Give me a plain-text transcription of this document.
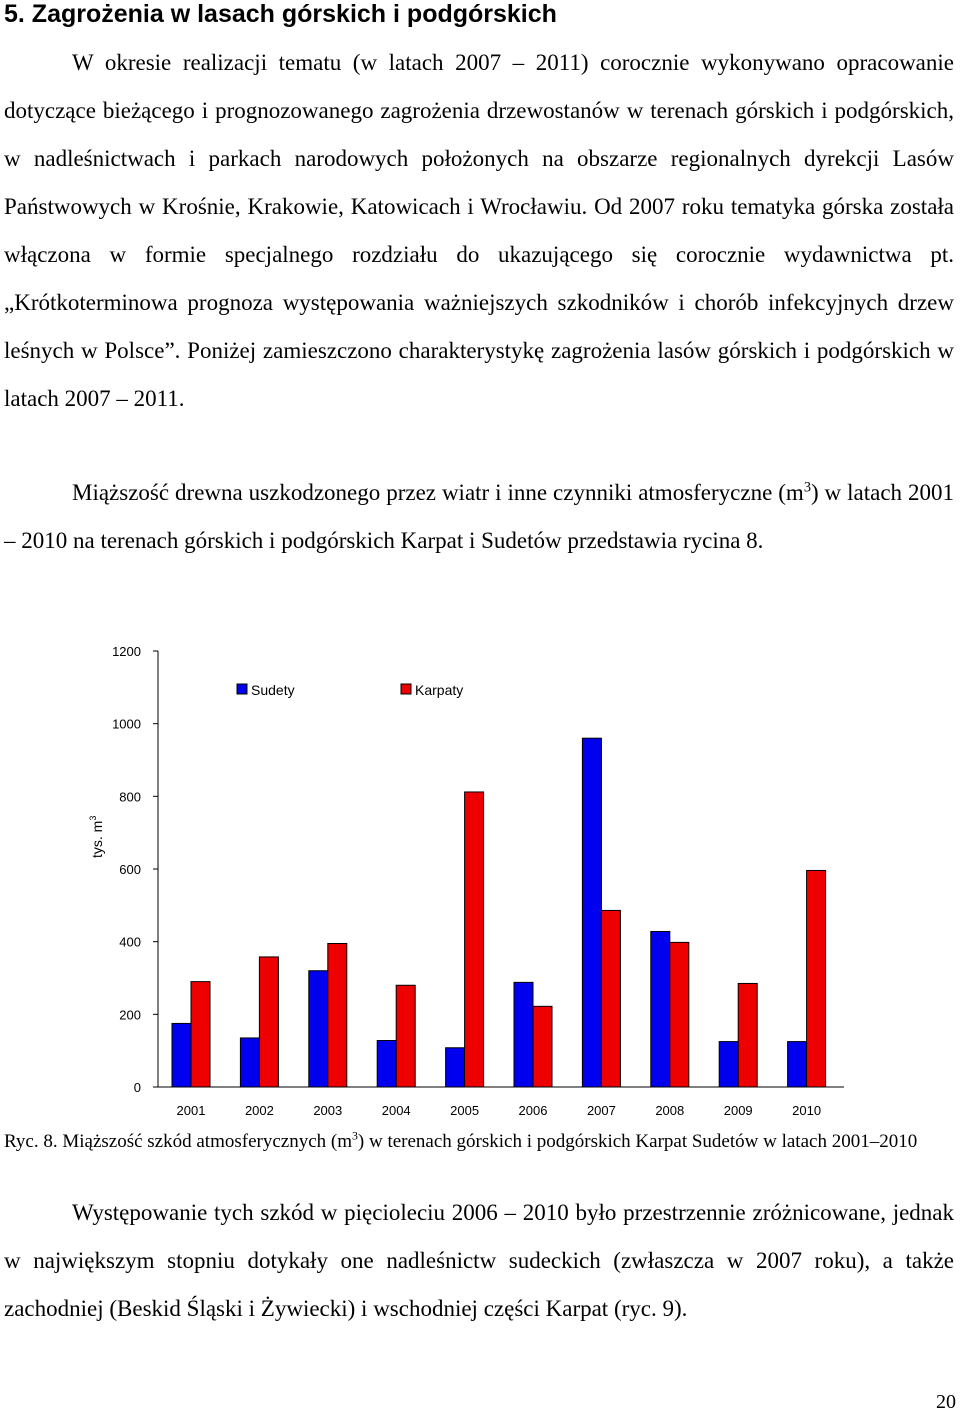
5. Zagrożenia w lasach górskich i podgórskich

W okresie realizacji tematu (w latach 2007 – 2011) corocznie wykonywano opracowanie dotyczące bieżącego i prognozowanego zagrożenia drzewostanów w terenach górskich i podgórskich, w nadleśnictwach i parkach narodowych położonych na obszarze regionalnych dyrekcji Lasów Państwowych w Krośnie, Krakowie, Katowicach i Wrocławiu. Od 2007 roku tematyka górska została włączona w formie specjalnego rozdziału do ukazującego się corocznie wydawnictwa pt. „Krótkoterminowa prognoza występowania ważniejszych szkodników i chorób infekcyjnych drzew leśnych w Polsce”. Poniżej zamieszczono charakterystykę zagrożenia lasów górskich i podgórskich w latach 2007 – 2011.

Miąższość drewna uszkodzonego przez wiatr i inne czynniki atmosferyczne $(m^3)$ w latach 2001 – 2010 na terenach górskich i podgórskich Karpat i Sudetów przedstawia rycina 8.

0
200
400
600
800
1000
1200
2001	2002	2003	2004	2005	2006	2007	2008	2009	2010
Sudety	Karpaty
tys. $m^3$

Ryc. 8. Miąższość szkód atmosferycznych $(m^3)$ w terenach górskich i podgórskich Karpat Sudetów w latach 2001–2010

Występowanie tych szkód w pięcioleciu 2006 – 2010 było przestrzennie zróżnicowane, jednak w największym stopniu dotykały one nadleśnictw sudeckich (zwłaszcza w 2007 roku), a także zachodniej (Beskid Śląski i Żywiecki) i wschodniej części Karpat (ryc. 9).

20
